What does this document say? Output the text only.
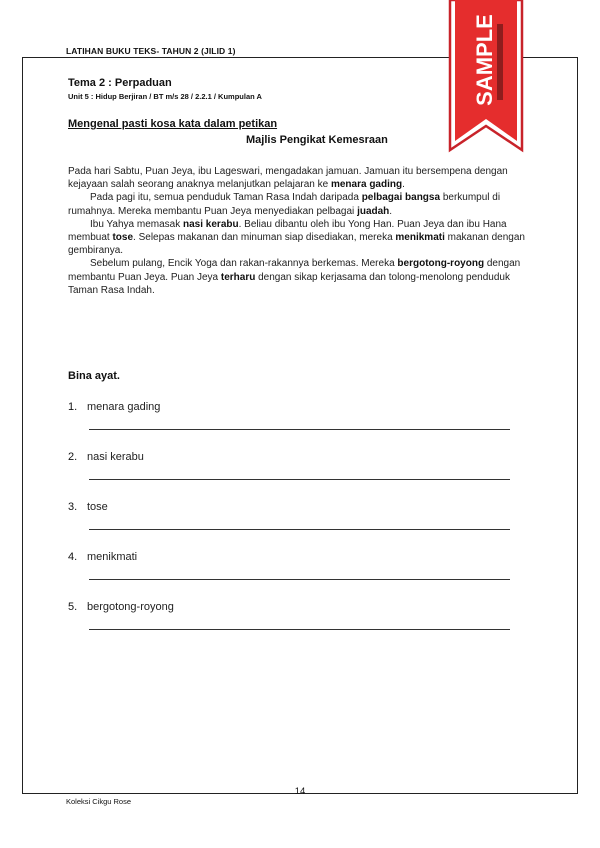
LATIHAN BUKU TEKS- TAHUN 2 (JILID 1)
Tema 2 : Perpaduan
Unit 5 : Hidup Berjiran / BT m/s 28 / 2.2.1 / Kumpulan A
Mengenal pasti kosa kata dalam petikan
Majlis Pengikat Kemesraan

Pada hari Sabtu, Puan Jeya, ibu Lageswari, mengadakan jamuan. Jamuan itu bersempena dengan kejayaan salah seorang anaknya melanjutkan pelajaran ke menara gading.

Pada pagi itu, semua penduduk Taman Rasa Indah daripada pelbagai bangsa berkumpul di rumahnya. Mereka membantu Puan Jeya menyediakan pelbagai juadah.

Ibu Yahya memasak nasi kerabu. Beliau dibantu oleh ibu Yong Han. Puan Jeya dan ibu Hana membuat tose. Selepas makanan dan minuman siap disediakan, mereka menikmati makanan dengan gembiranya.

Sebelum pulang, Encik Yoga dan rakan-rakannya berkemas. Mereka bergotong-royong dengan membantu Puan Jeya. Puan Jeya terharu dengan sikap kerjasama dan tolong-menolong penduduk Taman Rasa Indah.

Bina ayat.
1. menara gading
2. nasi kerabu
3. tose
4. menikmati
5. bergotong-royong
14
Koleksi Cikgu Rose
SAMPLE
